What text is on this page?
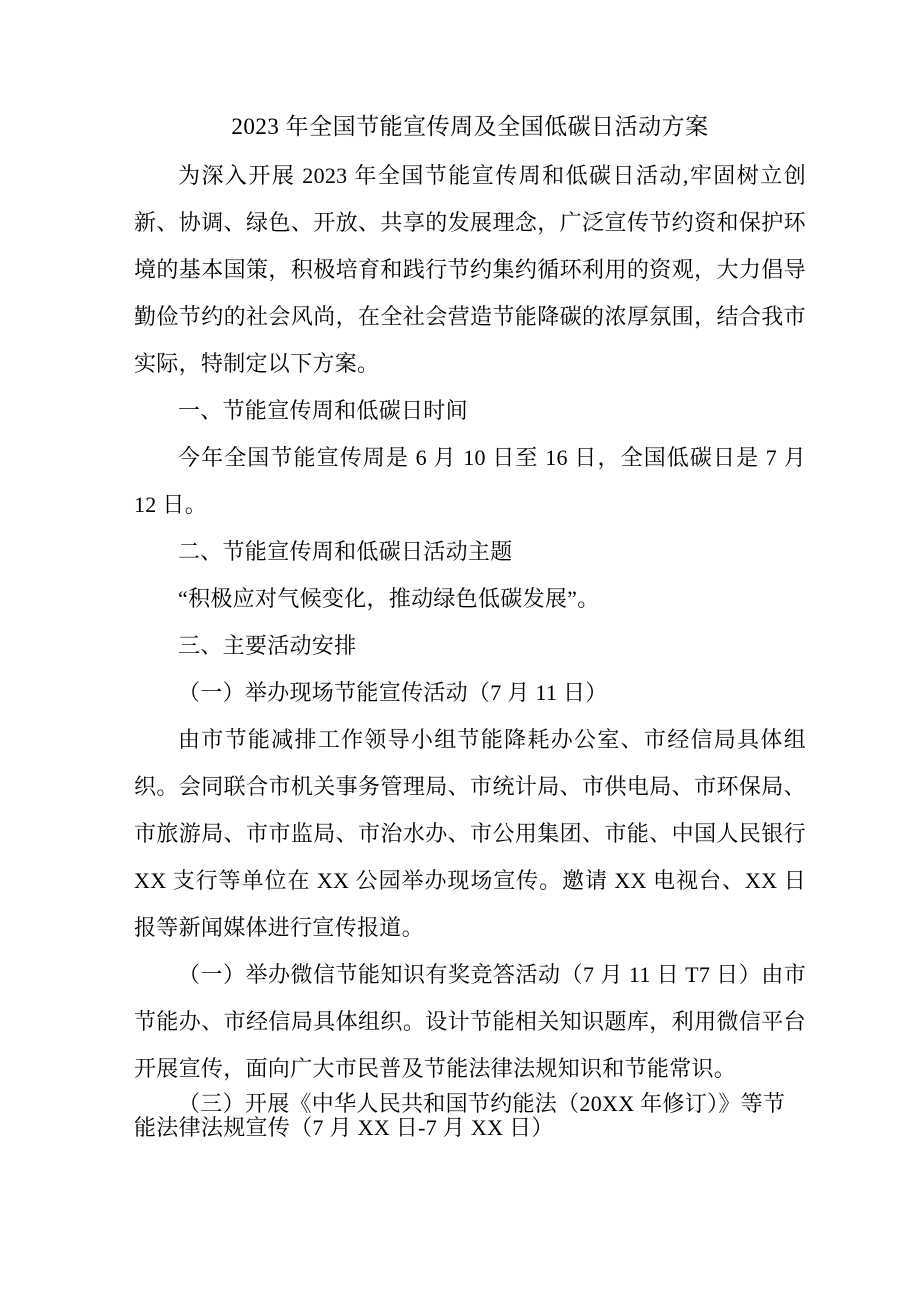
2023 年全国节能宣传周及全国低碳日活动方案

为深入开展 2023 年全国节能宣传周和低碳日活动,牢固树立创新、协调、绿色、开放、共享的发展理念，广泛宣传节约资和保护环境的基本国策，积极培育和践行节约集约循环利用的资观，大力倡导勤俭节约的社会风尚，在全社会营造节能降碳的浓厚氛围，结合我市实际，特制定以下方案。

一、节能宣传周和低碳日时间

今年全国节能宣传周是 6 月 10 日至 16 日，全国低碳日是 7 月 12 日。

二、节能宣传周和低碳日活动主题

“积极应对气候变化，推动绿色低碳发展”。

三、主要活动安排

（一）举办现场节能宣传活动（7 月 11 日）

由市节能减排工作领导小组节能降耗办公室、市经信局具体组织。会同联合市机关事务管理局、市统计局、市供电局、市环保局、市旅游局、市市监局、市治水办、市公用集团、市能、中国人民银行 XX 支行等单位在 XX 公园举办现场宣传。邀请 XX 电视台、XX 日报等新闻媒体进行宣传报道。

（一）举办微信节能知识有奖竞答活动（7 月 11 日 T7 日）由市节能办、市经信局具体组织。设计节能相关知识题库，利用微信平台开展宣传，面向广大市民普及节能法律法规知识和节能常识。

（三）开展《中华人民共和国节约能法（20XX 年修订）》等节能法律法规宣传（7 月 XX 日-7 月 XX 日）
